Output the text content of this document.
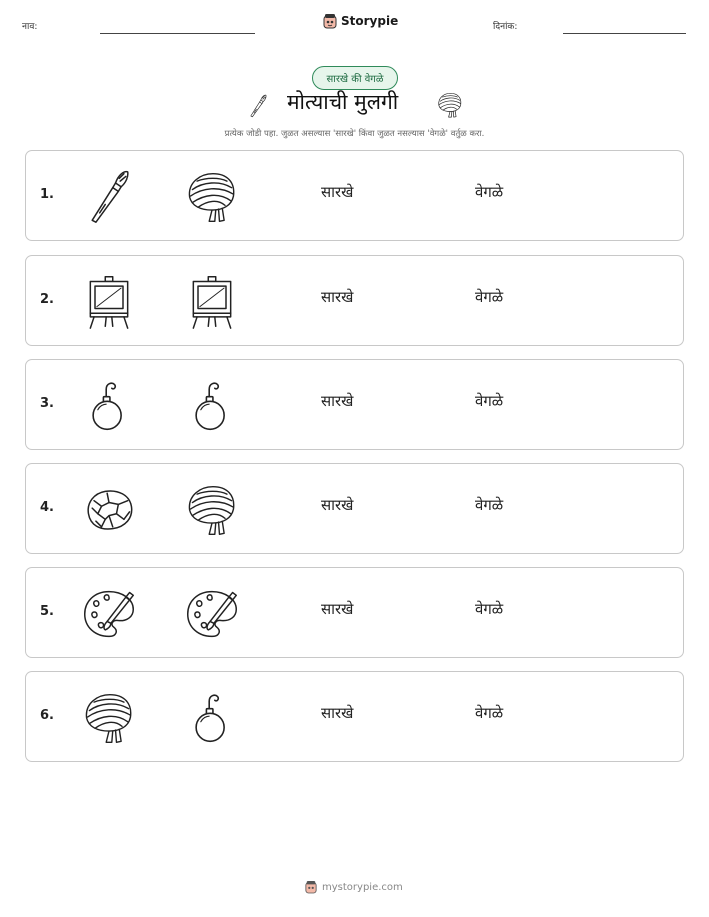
नाव:	Storypie	दिनांक:
सारखे की वेगळे
मोत्याची मुलगी
प्रत्येक जोडी पहा. जुळत असल्यास 'सारखे' किंवा जुळत नसल्यास 'वेगळे' वर्तुळ करा.
1.	सारखे	वेगळे
2.	सारखे	वेगळे
3.	सारखे	वेगळे
4.	सारखे	वेगळे
5.	सारखे	वेगळे
6.	सारखे	वेगळे
mystorypie.com
